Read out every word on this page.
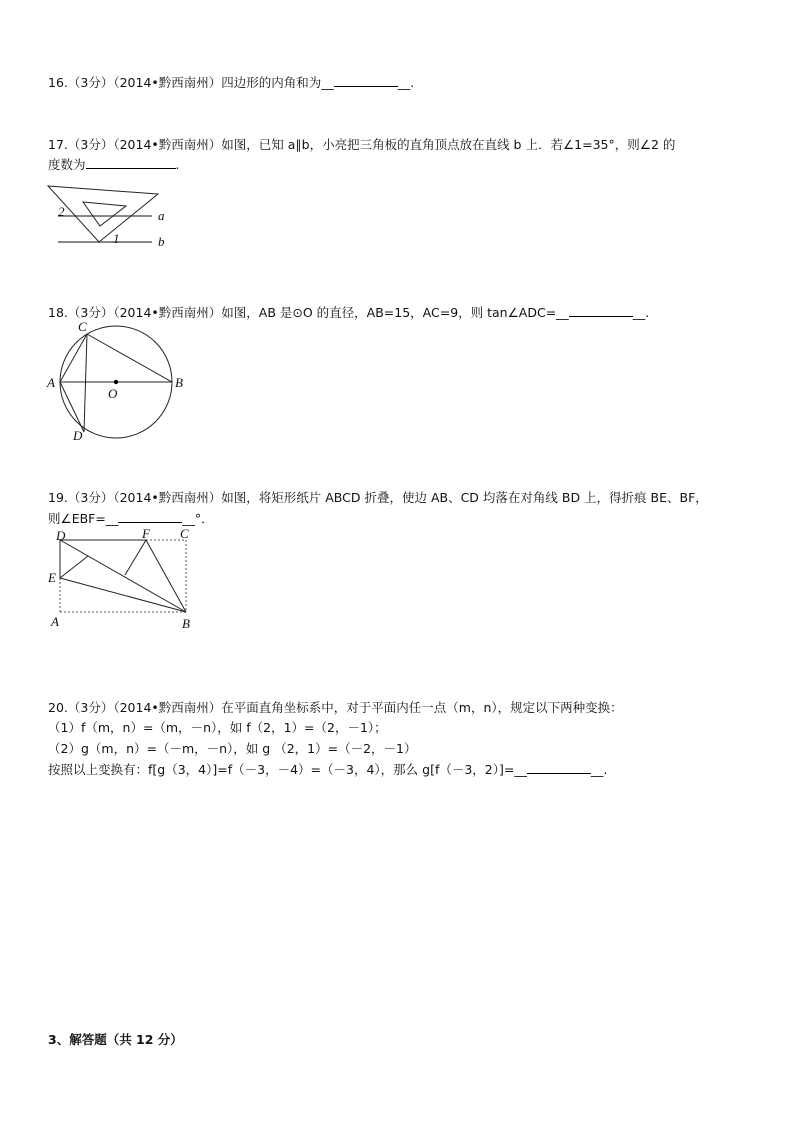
16.（3分）（2014•黔西南州）四边形的内角和为__	__.
17.（3分）（2014•黔西南州）如图，已知 a∥b，小亮把三角板的直角顶点放在直线 b 上．若∠1=35°，则∠2 的
度数为	.
2
1
a
b
18.（3分）（2014•黔西南州）如图，AB 是⊙O 的直径，AB=15，AC=9，则 tan∠ADC=__	__.
C
A
O
B
D
19.（3分）（2014•黔西南州）如图，将矩形纸片 ABCD 折叠，使边 AB、CD 均落在对角线 BD 上，得折痕 BE、BF，
则∠EBF=__	__°．
D	F C
E
A	B
20.（3分）（2014•黔西南州）在平面直角坐标系中，对于平面内任一点（m，n），规定以下两种变换：
（1）f（m，n）=（m，－n），如 f（2，1）=（2，－1）；
（2）g（m，n）=（－m，－n），如 g （2，1）=（－2，－1）
按照以上变换有：f[g（3，4）]=f（－3，－4）=（－3，4），那么 g[f（－3，2）]=__	__.
3、解答题（共 12 分）
